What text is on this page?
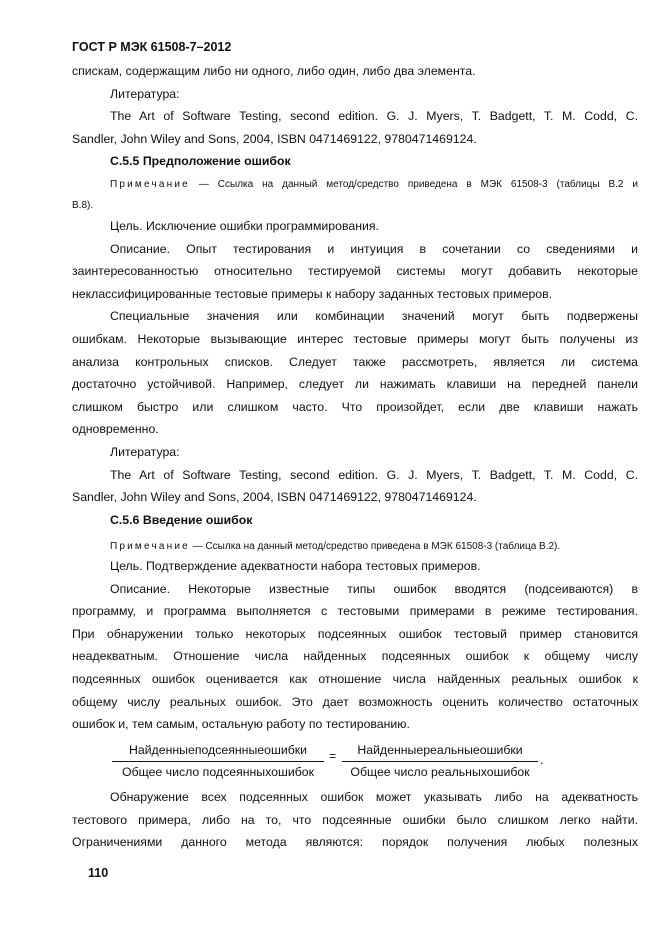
ГОСТ Р МЭК 61508-7–2012
спискам, содержащим либо ни одного, либо один, либо два элемента.
Литература:
The Art of Software Testing, second edition. G. J. Myers, T. Badgett, T. M. Codd, C.
Sandler, John Wiley and Sons, 2004, ISBN 0471469122, 9780471469124.
С.5.5 Предположение ошибок
Примечание — Ссылка на данный метод/средство приведена в МЭК 61508-3 (таблицы В.2 и
В.8).
Цель. Исключение ошибки программирования.
Описание. Опыт тестирования и интуиция в сочетании со сведениями и
заинтересованностью относительно тестируемой системы могут добавить некоторые
неклассифицированные тестовые примеры к набору заданных тестовых примеров.
Специальные значения или комбинации значений могут быть подвержены
ошибкам. Некоторые вызывающие интерес тестовые примеры могут быть получены из
анализа контрольных списков. Следует также рассмотреть, является ли система
достаточно устойчивой. Например, следует ли нажимать клавиши на передней панели
слишком быстро или слишком часто. Что произойдет, если две клавиши нажать
одновременно.
Литература:
The Art of Software Testing, second edition. G. J. Myers, T. Badgett, T. M. Codd, C.
Sandler, John Wiley and Sons, 2004, ISBN 0471469122, 9780471469124.
С.5.6 Введение ошибок
Примечание — Ссылка на данный метод/средство приведена в МЭК 61508-3 (таблица В.2).
Цель. Подтверждение адекватности набора тестовых примеров.
Описание. Некоторые известные типы ошибок вводятся (подсеиваются) в
программу, и программа выполняется с тестовыми примерами в режиме тестирования.
При обнаружении только некоторых подсеянных ошибок тестовый пример становится
неадекватным. Отношение числа найденных подсеянных ошибок к общему числу
подсеянных ошибок оценивается как отношение числа найденных реальных ошибок к
общему числу реальных ошибок. Это дает возможность оценить количество остаточных
ошибок и, тем самым, остальную работу по тестированию.
Найденныеподсеянныеошибки
Общее число подсеянныхошибок
=	Найденныереальныеошибки
Общее число реальныхошибок
.
Обнаружение всех подсеянных ошибок может указывать либо на адекватность
тестового примера, либо на то, что подсеянные ошибки было слишком легко найти.
Ограничениями данного метода являются: порядок получения любых полезных
110
